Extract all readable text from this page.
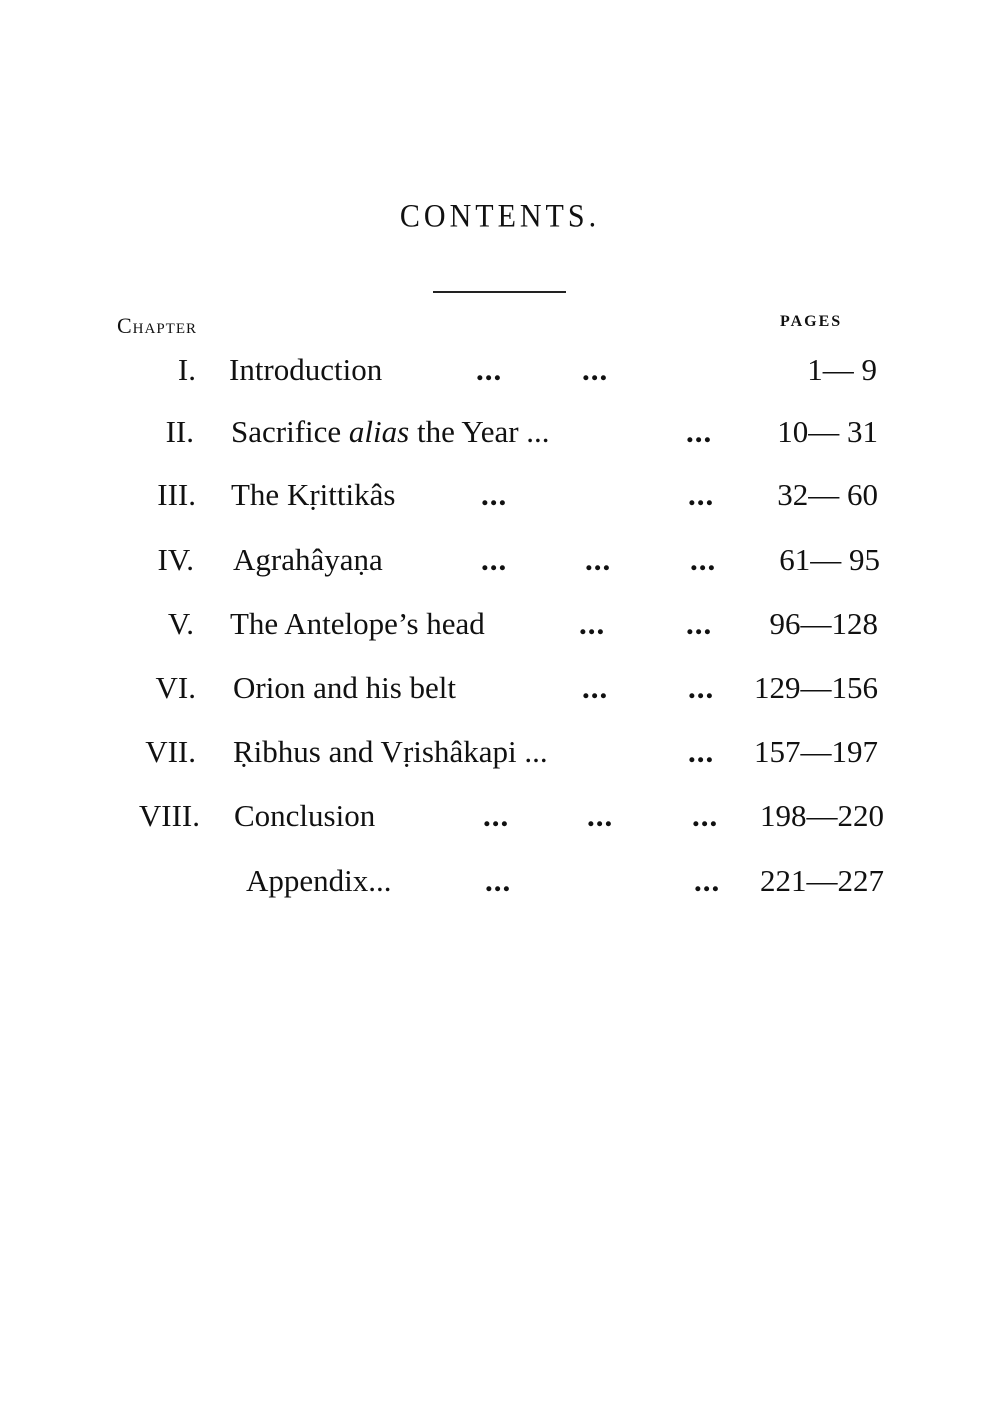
CONTENTS.
Chapter	PAGES
I. Introduction	...	...	1— 9
II. Sacrifice alias the Year ...	... 10— 31
III. The Kṛittikâs	...	... 32— 60
IV. Agrahâyaṇa	...	...	... 61— 95
V. The Antelope’s head	...	... 96—128
VI. Orion and his belt	...	... 129—156
VII. Ṛibhus and Vṛishâkapi ...	... 157—197
VIII. Conclusion	...	...	... 198—220
Appendix...	...	... 221—227
